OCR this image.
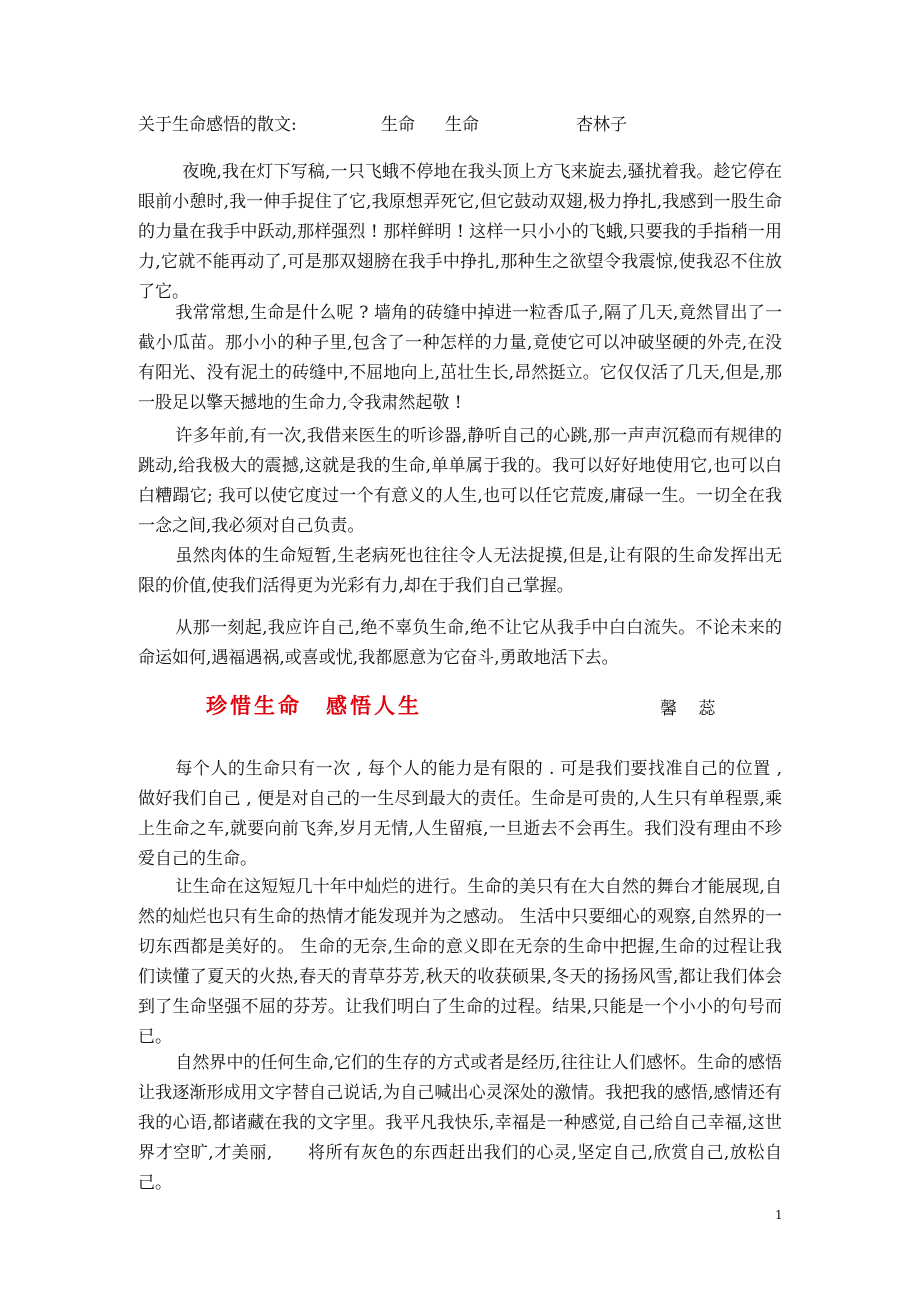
关于生命感悟的散文:	生命 生命	杏林子

夜晚,我在灯下写稿,一只飞蛾不停地在我头顶上方飞来旋去,骚扰着我。趁它停在眼前小憩时,我一伸手捉住了它,我原想弄死它,但它鼓动双翅,极力挣扎,我感到一股生命的力量在我手中跃动,那样强烈 ! 那样鲜明 ! 这样一只小小的飞蛾,只要我的手指稍一用力,它就不能再动了,可是那双翅膀在我手中挣扎,那种生之欲望令我震惊,使我忍不住放了它。

我常常想,生命是什么呢 ? 墙角的砖缝中掉进一粒香瓜子,隔了几天,竟然冒出了一截小瓜苗。那小小的种子里,包含了一种怎样的力量,竟使它可以冲破坚硬的外壳,在没有阳光、没有泥土的砖缝中,不屈地向上,茁壮生长,昂然挺立。它仅仅活了几天,但是,那一股足以擎天撼地的生命力,令我肃然起敬 !

许多年前,有一次,我借来医生的听诊器,静听自己的心跳,那一声声沉稳而有规律的跳动,给我极大的震撼,这就是我的生命,单单属于我的。我可以好好地使用它,也可以白白糟蹋它; 我可以使它度过一个有意义的人生,也可以任它荒废,庸碌一生。一切全在我一念之间,我必须对自己负责。

虽然肉体的生命短暂,生老病死也往往令人无法捉摸,但是,让有限的生命发挥出无限的价值,使我们活得更为光彩有力,却在于我们自己掌握。

从那一刻起,我应许自己,绝不辜负生命,绝不让它从我手中白白流失。不论未来的命运如何,遇福遇祸,或喜或忧,我都愿意为它奋斗,勇敢地活下去。

珍惜生命　感悟人生	馨 蕊

每个人的生命只有一次 , 每个人的能力是有限的 . 可是我们要找准自己的位置 , 做好我们自己 , 便是对自己的一生尽到最大的责任。生命是可贵的,人生只有单程票,乘上生命之车,就要向前飞奔,岁月无情,人生留痕,一旦逝去不会再生。我们没有理由不珍爱自己的生命。

让生命在这短短几十年中灿烂的进行。生命的美只有在大自然的舞台才能展现,自然的灿烂也只有生命的热情才能发现并为之感动。 生活中只要细心的观察,自然界的一切东西都是美好的。 生命的无奈,生命的意义即在无奈的生命中把握,生命的过程让我们读懂了夏天的火热,春天的青草芬芳,秋天的收获硕果,冬天的扬扬风雪,都让我们体会到了生命坚强不屈的芬芳。让我们明白了生命的过程。结果,只能是一个小小的句号而已。

自然界中的任何生命,它们的生存的方式或者是经历,往往让人们感怀。生命的感悟让我逐渐形成用文字替自己说话,为自己喊出心灵深处的激情。我把我的感悟,感情还有我的心语,都诸藏在我的文字里。我平凡我快乐,幸福是一种感觉,自己给自己幸福,这世界才空旷,才美丽,　　将所有灰色的东西赶出我们的心灵,坚定自己,欣赏自己,放松自己。

1
